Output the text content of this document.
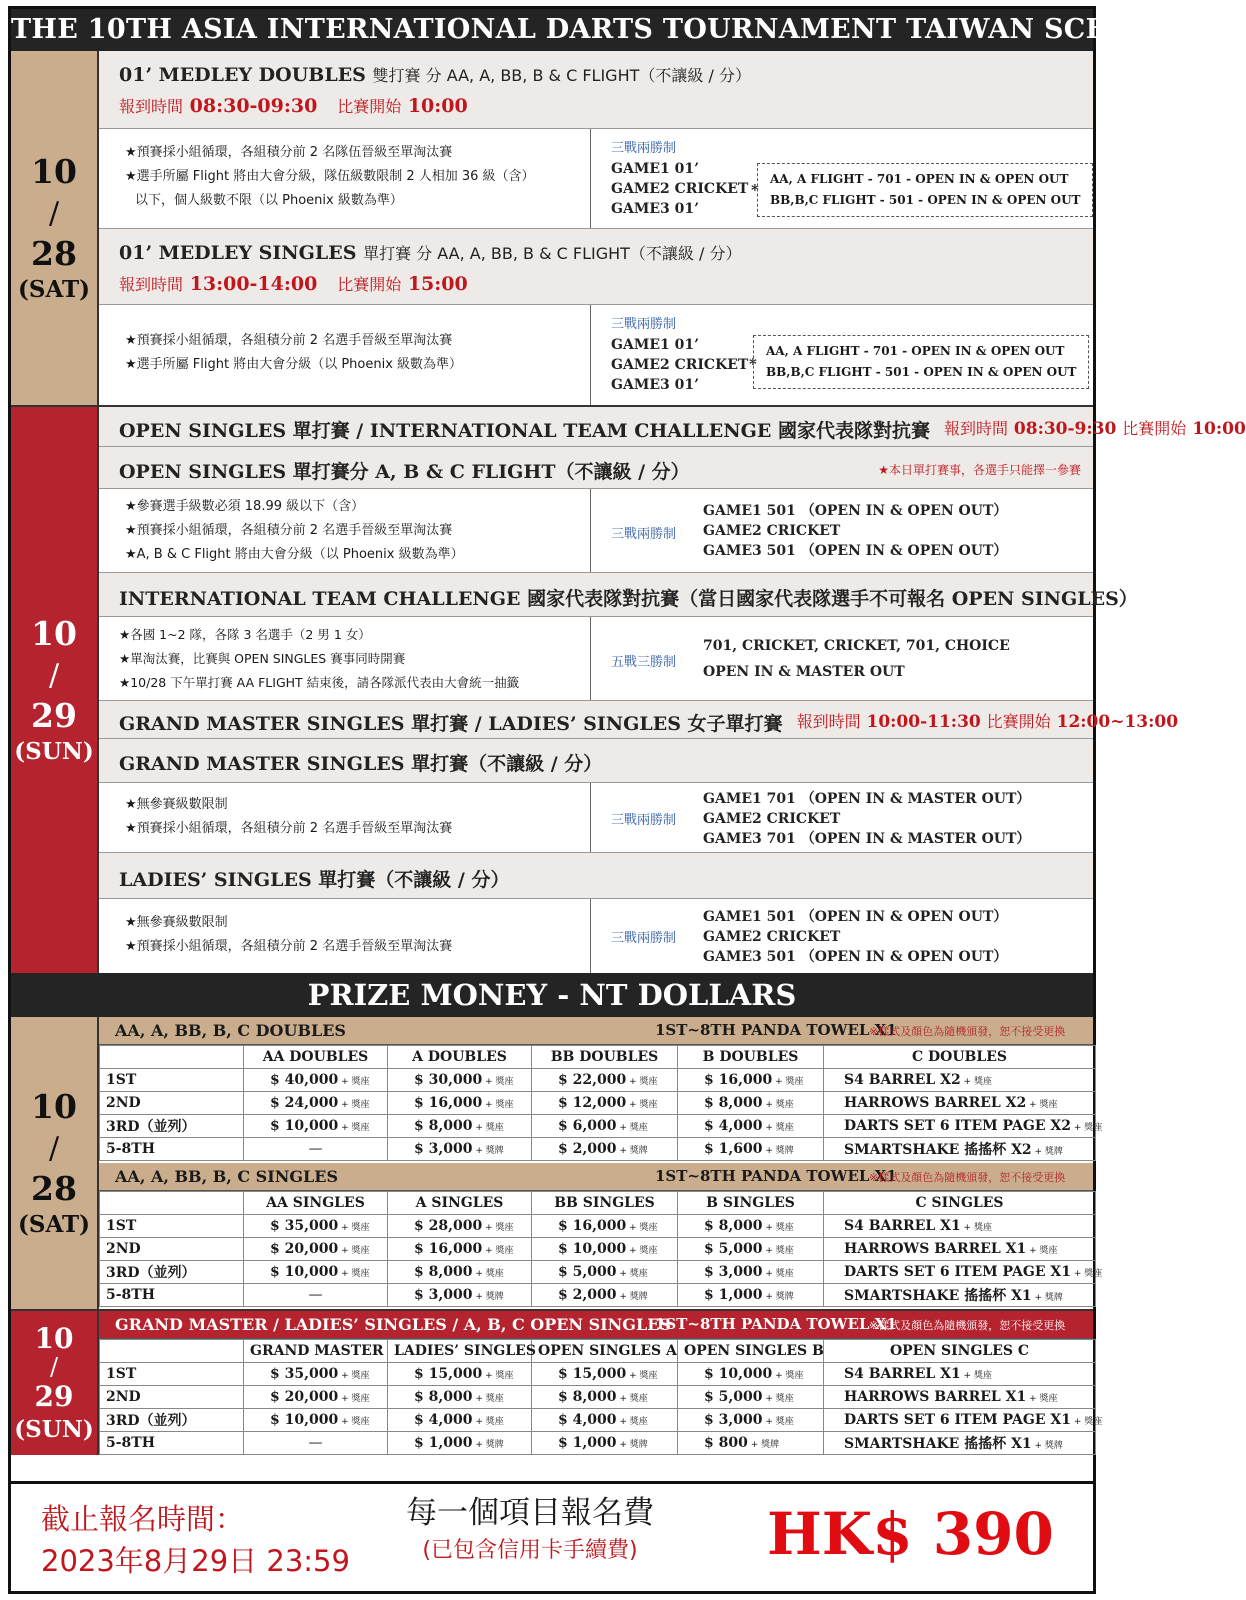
THE 10TH ASIA INTERNATIONAL DARTS TOURNAMENT TAIWAN SCHEDULE
10
/
28
(SAT)
01’ MEDLEY DOUBLES 雙打賽 分 AA, A, BB, B & C FLIGHT（不讓級 / 分）
報到時間 08:30-09:30 比賽開始 10:00
★預賽採小組循環，各組積分前 2 名隊伍晉級至單淘汰賽
★選手所屬 Flight 將由大會分級，隊伍級數限制 2 人相加 36 級（含）
以下，個人級數不限（以 Phoenix 級數為準）
三戰兩勝制
GAME1 01’
GAME2 CRICKET
GAME3 01’
*
AA, A FLIGHT - 701 - OPEN IN & OPEN OUT
BB,B,C FLIGHT - 501 - OPEN IN & OPEN OUT
01’ MEDLEY SINGLES 單打賽 分 AA, A, BB, B & C FLIGHT（不讓級 / 分）
報到時間 13:00-14:00 比賽開始 15:00
★預賽採小組循環，各組積分前 2 名選手晉級至單淘汰賽
★選手所屬 Flight 將由大會分級（以 Phoenix 級數為準）
三戰兩勝制
GAME1 01’
GAME2 CRICKET
GAME3 01’
*
AA, A FLIGHT - 701 - OPEN IN & OPEN OUT
BB,B,C FLIGHT - 501 - OPEN IN & OPEN OUT
10
/
29
(SUN)
OPEN SINGLES 單打賽 / INTERNATIONAL TEAM CHALLENGE 國家代表隊對抗賽 報到時間 08:30-9:30 比賽開始 10:00
OPEN SINGLES 單打賽分 A, B & C FLIGHT（不讓級 / 分）	★本日單打賽事，各選手只能擇一參賽
★參賽選手級數必須 18.99 級以下（含）
★預賽採小組循環，各組積分前 2 名選手晉級至單淘汰賽
★A, B & C Flight 將由大會分級（以 Phoenix 級數為準）
三戰兩勝制
GAME1 501 （OPEN IN & OPEN OUT）
GAME2 CRICKET
GAME3 501 （OPEN IN & OPEN OUT）
INTERNATIONAL TEAM CHALLENGE 國家代表隊對抗賽（當日國家代表隊選手不可報名 OPEN SINGLES）
★各國 1~2 隊，各隊 3 名選手（2 男 1 女）
★單淘汰賽，比賽與 OPEN SINGLES 賽事同時開賽
★10/28 下午單打賽 AA FLIGHT 結束後，請各隊派代表由大會統一抽籤
五戰三勝制
701, CRICKET, CRICKET, 701, CHOICE
OPEN IN & MASTER OUT
GRAND MASTER SINGLES 單打賽 / LADIES’ SINGLES 女子單打賽 報到時間 10:00-11:30 比賽開始 12:00~13:00
GRAND MASTER SINGLES 單打賽（不讓級 / 分）
★無參賽級數限制
★預賽採小組循環，各組積分前 2 名選手晉級至單淘汰賽
三戰兩勝制
GAME1 701 （OPEN IN & MASTER OUT）
GAME2 CRICKET
GAME3 701 （OPEN IN & MASTER OUT）
LADIES’ SINGLES 單打賽（不讓級 / 分）
★無參賽級數限制
★預賽採小組循環，各組積分前 2 名選手晉級至單淘汰賽
三戰兩勝制
GAME1 501 （OPEN IN & OPEN OUT）
GAME2 CRICKET
GAME3 501 （OPEN IN & OPEN OUT）
PRIZE MONEY - NT DOLLARS
10
/
28
(SAT)
AA, A, BB, B, C DOUBLES	1ST~8TH PANDA TOWEL X1
※樣式及顏色為隨機頒發，恕不接受更換
	AA DOUBLES	A DOUBLES	BB DOUBLES	B DOUBLES	C DOUBLES
1ST	$ 40,000 + 獎座	$ 30,000 + 獎座	$ 22,000 + 獎座	$ 16,000 + 獎座	S4 BARREL X2 + 獎座
2ND	$ 24,000 + 獎座	$ 16,000 + 獎座	$ 12,000 + 獎座	$ 8,000 + 獎座	HARROWS BARREL X2 + 獎座
3RD（並列）	$ 10,000 + 獎座	$ 8,000 + 獎座	$ 6,000 + 獎座	$ 4,000 + 獎座	DARTS SET 6 ITEM PAGE X2 + 獎座
5-8TH	—	$ 3,000 + 獎牌	$ 2,000 + 獎牌	$ 1,600 + 獎牌	SMARTSHAKE 搖搖杯 X2 + 獎牌
AA, A, BB, B, C SINGLES	1ST~8TH PANDA TOWEL X1
※樣式及顏色為隨機頒發，恕不接受更換
	AA SINGLES	A SINGLES	BB SINGLES	B SINGLES	C SINGLES
1ST	$ 35,000 + 獎座	$ 28,000 + 獎座	$ 16,000 + 獎座	$ 8,000 + 獎座	S4 BARREL X1 + 獎座
2ND	$ 20,000 + 獎座	$ 16,000 + 獎座	$ 10,000 + 獎座	$ 5,000 + 獎座	HARROWS BARREL X1 + 獎座
3RD（並列）	$ 10,000 + 獎座	$ 8,000 + 獎座	$ 5,000 + 獎座	$ 3,000 + 獎座	DARTS SET 6 ITEM PAGE X1 + 獎座
5-8TH	—	$ 3,000 + 獎牌	$ 2,000 + 獎牌	$ 1,000 + 獎牌	SMARTSHAKE 搖搖杯 X1 + 獎牌
10
/
29
(SUN)
GRAND MASTER / LADIES’ SINGLES / A, B, C OPEN SINGLES
1ST~8TH PANDA TOWEL X1
※樣式及顏色為隨機頒發，恕不接受更換
	GRAND MASTER	LADIES’ SINGLES	OPEN SINGLES A	OPEN SINGLES B	OPEN SINGLES C
1ST	$ 35,000 + 獎座	$ 15,000 + 獎座	$ 15,000 + 獎座	$ 10,000 + 獎座	S4 BARREL X1 + 獎座
2ND	$ 20,000 + 獎座	$ 8,000 + 獎座	$ 8,000 + 獎座	$ 5,000 + 獎座	HARROWS BARREL X1 + 獎座
3RD（並列）	$ 10,000 + 獎座	$ 4,000 + 獎座	$ 4,000 + 獎座	$ 3,000 + 獎座	DARTS SET 6 ITEM PAGE X1 + 獎座
5-8TH	—	$ 1,000 + 獎牌	$ 1,000 + 獎牌	$ 800 + 獎牌	SMARTSHAKE 搖搖杯 X1 + 獎牌
截止報名時間：
2023年8月29日 23:59
每一個項目報名費
(已包含信用卡手續費) HK$ 390
